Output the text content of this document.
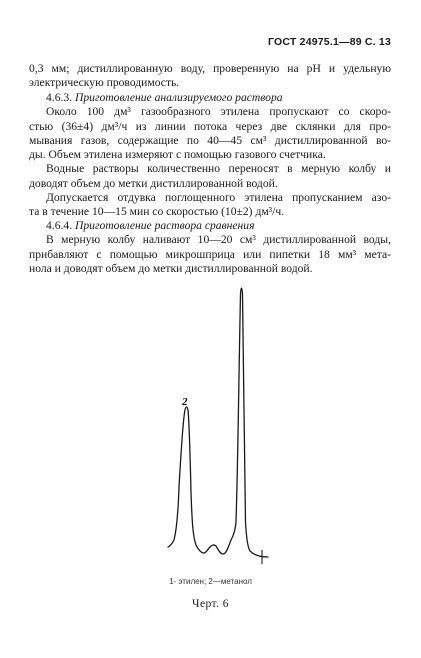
ГОСТ 24975.1—89 С. 13
0,3 мм; дистиллированную воду, проверенную на pH и удельную
электрическую проводимость.
4.6.3. Приготовление анализируемого раствора
Около 100 дм³ газообразного этилена пропускают со скоро-
стью (36±4) дм³/ч из линии потока через две склянки для про-
мывания газов, содержащие по 40—45 см³ дистиллированной во-
ды. Объем этилена измеряют с помощью газового счетчика.
Водные растворы количественно переносят в мерную колбу и
доводят объем до метки дистиллированной водой.
Допускается отдувка поглощенного этилена пропусканием азо-
та в течение 10—15 мин со скоростью (10±2) дм³/ч.
4.6.4. Приготовление раствора сравнения
В мерную колбу наливают 10—20 см³ дистиллированной воды,
прибавляют с помощью микрошприца или пипетки 18 мм³ мета-
нола и доводят объем до метки дистиллированной водой.
2
1- этилен; 2—метанол
Черт. 6
